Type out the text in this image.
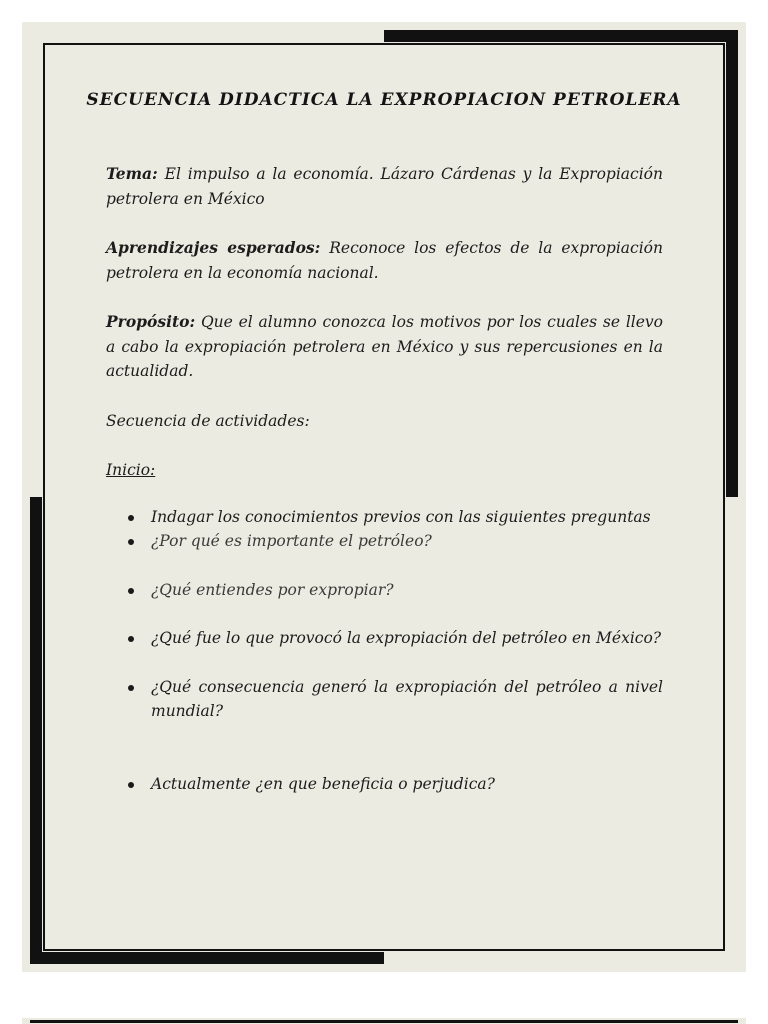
SECUENCIA DIDACTICA LA EXPROPIACION PETROLERA

Tema: El impulso a la economía. Lázaro Cárdenas y la Expropiación petrolera en México

Aprendizajes esperados: Reconoce los efectos de la expropiación petrolera en la economía nacional.

Propósito: Que el alumno conozca los motivos por los cuales se llevo a cabo la expropiación petrolera en México y sus repercusiones en la actualidad.

Secuencia de actividades:

Inicio:

Indagar los conocimientos previos con las siguientes preguntas
¿Por qué es importante el petróleo?
¿Qué entiendes por expropiar?
¿Qué fue lo que provocó la expropiación del petróleo en México?
¿Qué consecuencia generó la expropiación del petróleo a nivel mundial?
Actualmente ¿en que beneficia o perjudica?
